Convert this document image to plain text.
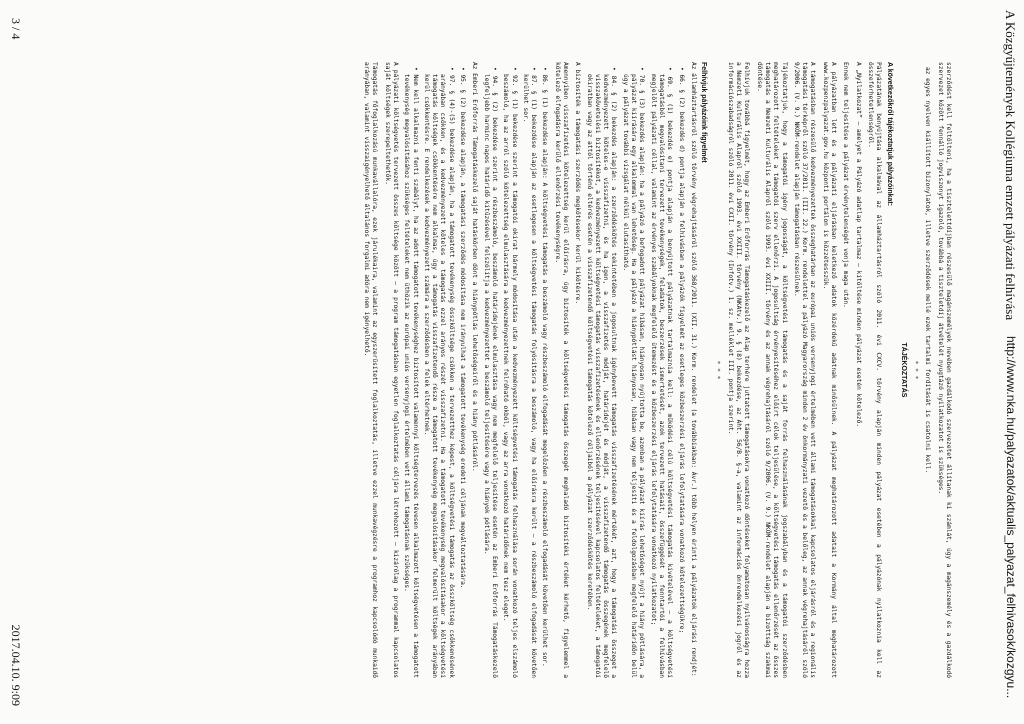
A Közgyűjtemények Kollégiuma emzett pályázati felhívása
http://www.nka.hu/palyazatok/aktualis_palyazat_felhivasok/kozgyu...

szerződést kell feltölteni, ha a tisztelettdíjban részesülő magánszemélyek nevében gazdálkodó szervezetet állítanak ki számlát, úgy a magánszemély és a gazdálkodó szervezet között fennálló jogviszonyt igazoló, továbbá a tiszteletdíj átvételét nyugtázó nyilatkozatot is szükséges.

az egyes nyelven kiállított bizonylatok, illetve szerződések mellé ezek tartalmi fordítását is csatolni kell.

* * *
TÁJÉKOZTATÁS
A következőkről tájékoztatjuk pályázóinkat:

Pályázatának benyújtása alkalmával az államháztartásról szóló 2011. évi CXCV. törvény alapján minden pályázat esetében a pályázónak nyilatkoznia kell az összeférhetetlenségről.

A „Nyilatkozat” – amelyet a Pályázó adatlap tartalmaz – kitöltése minden pályázat esetén kötelező.

Ennek nem teljesítése a pályázat érvénytelenségét vonja maga után.

A pályázatban lett és a pályázati eljárásban keletkező adatok közérdekű adatnak minősülnek. A pályázat meghatározott adatait a Kormány által meghatározott www.kozpenzpalyazat.gov.hu központi portálon is közzétesszük.

A támogatásban részesülő kedvezményezettek összeghatárban az európai uniós versenyjogi értelmében vett állami támogatásokkal kapcsolatos eljárásról és a regionális támogatási térképről szóló 37/2011. (III. 22.) Korm. rendelettel a pályázó Magyarország minden 2 év önkormányzati vezető és a belőleg, az annak végrehajtásáról szóló 9/2006. (V. 9.) NKÖM-rendelet alapján támogatásban részesülnek.

Tájékoztatjuk, hogy a támogatói igény jogosságát, a költségvetési támogatás és a saját forrás felhasználásának jogszabályban és a támogatói szerződésben meghatározott feltételeket a támogatói szerv ellenőrzi. A jogosultság érvényesítéséhez előírt célok teljesülése, a költségvetési támogatás ellenőrzését az összes támogatás a Nemzeti Kulturális Alapról szóló 1993. évi XXIII. törvény és az annak végrehajtásáról szóló 9/2006. (V. 9.) NKÖM-rendelet alapján a bizottság szakmai döntése.

Felhívjuk továbbá figyelmét, hogy az Emberi Erőforrás Támogatáskezelő az Alap terhére juttatott támogatásokra vonatkozó döntéseket folyamatosan nyilvánosságra hozza a Nemzeti Kulturális Alapról szóló 1993. évi XXIII. törvény (NKAtv.) 9. § (8) bekezdése, az Áht. 56/B. §-a, valamint az információs önrendelkezési jogról és az információszabadságról szóló 2011. évi CXII. törvény (Infotv.) 1. sz. melléklet III. pontja szerint.

* * *
Felhívjuk pályázóink figyelmét

Az államháztartásról szóló törvény végrehajtásáról szóló 368/2011. (XII. 31.) Korm. rendelet (a továbbiakban: Ávr.) több helyen érinti a pályázatok eljárási rendjét:

• 66. § (2) bekezdés d) pontja alapján a felhívásban a pályázók figyelmét az esetleges közbeszerzési eljárás lefolytatására vonatkozó kötelezettségükre;

• 69. § (1) bekezdés e) pontja alapján a benyújtott pályázatnak tartalmaznia kell: a működési célú költségvetési támogatás kivételével – a költségvetési támogatásból megvalósítani tervezett tevékenységek, feladatok, beszerzések ismertetését, azok tervezett hatásait, összefüggését a fenntartói a felhívásban megjelölt pályázati céllal, valamint az érvényes szabályoknak megfelelő ütemezést és a közbeszerzési eljárás lefolytatására vonatkozó nyilatkozatot;

• 70. § (3) bekezdés alapján: ha a pályázó a befogadott pályázat hibásan, hiányosan nyújtotta be, azonban a pályázat kiírás lehetőséget nyújt a hiány pótlására, a pályázat kiírására egy alkalommal van lehetőség. Ha a pályázó a hiánypótlást hiányosan, hibásan vagy nem teljesíti és a feldolgozásban megfelelő határidőn belül úgy a pályázat további vizsgálat nélkül elutasítható.

• 84. § (2) bekezdés alapján: a szerződéskötés tekintetében a jogosultnak igénybevett támogatás visszafizetésének mértékét, azt, hogy a támogatási összeget a kedvezményezett köteles-e visszafizetni, és ha igen, a visszafizetés módját, határidejét és módját, a visszafizetendő támogatás összegének megfelelő visszakövetelési biztosítékot, a kedvezményezett költségvetési támogatás visszafizetésének és ellenőrzésének teljesítésével kapcsolatos feltételeket, a támogatói okiratban vagy az attól történő eltérés esetén a visszafizetendő költségvetési támogatás kötelező céljaiból a pályázat szerződéskötés keretében.

A biztosíték a támogatási szerződés megkötésekor kerül kikötésre.

Amennyiben visszafizetési kötelezettség kerül előírásra, úgy biztosíték a költségvetési támogatás összegét meghaladó biztosítéki értéket kérhető, figyelemmel a kötelező elfogadásra kerülő ellenőrzési tevékenységre.

• 86. § (1) bekezdése alapján: A költségvetési támogatás a beszámoló vagy részbeszámoló elfogadását megelőzően a részbeszámoló elfogadását követően kerülhet sor.

• 87. § (1) bekezdése alapján az esetlegesen a költségvetési támogatás folyósításra a beszámoló, vagy ha előírásra került – a részbeszámoló elfogadását követően kerülhet sor.

• 92. § (1) bekezdése szerint a támogatói okirat bármely módosítása után a kedvezményezett költségvetési támogatás felhasználása során vonatkozó teljes elszámoló beszámoló, ha az arról szóló kötelezettség elmulasztására a kedvezményezettnek felróható okból, vagy az arra vonatkozó határidőnek nem tesz eleget.

• 94. § (2) bekezdése szerint a részbeszámoló, beszámoló határidejének elmulasztása vagy nem megfelelő teljesítése esetén az Emberi Erőforrás Támogatáskezelő legfeljebb harminc napos határidő kitűzésével felszólítja a kedvezményezettet a beszámoló teljesítésére vagy a hiányok pótlására.

Az Emberi Erőforrás Támogatáskezelő saját hatáskörben dönt a hiánypótlás lehetőségeiről és a hiány pótlásáról.

• 95. § (2) bekezdése alapján, a támogatási szerződés módosítása nem irányulhat a támogatott tevékenység eredeti céljának megváltoztatására.

• 97. § (4)-(5) bekezdése alapján, ha a támogatott tevékenység összköltsége csökken a tervezetthez képest, a költségvetési támogatás az összköltség csökkenésének arányában csökken, és a kedvezményezett köteles a támogatás ezzel arányos részét visszafizetni. Ha a támogatott tevékenység megvalósításakor a költségvetési támogatás költségek csökkentésére nem alkalmas, úgy a támogatás visszafizetendő része a támogatott tevékenység megvalósításakor felmerült költségek arányában kerül csökkentésre. E rendelkezések a kedvezményezett számára a szerződésben a felek eltérhetnek.

• Nem kell alkalmazni a fenti szabályt, ha az adott támogatott tevékenységhez biztosított valamennyi költségtervezés tévesen alkalmazott költségvetésen a támogatott tevékenység megvalósításához szükséges feltételeket nem üthözik az európai uniós versenyjogi értelmében vett állami támogatásnak szükséges.

A pályázati költségvetés tervezett összes költsége között – a program támogatásban egyetlen foglalkoztatás céljára létrehozott – kizárólag a programmal kapcsolatos saját költségek szerepeltethetők.

Támogatás főfoglalkozású munkavállalóra, ezek járulékaira, valamint az egyszerűsített foglalkoztatás, illetve ezzel munkavégzésre a programhoz kapcsolódó munkaidő arányában, valamint visszaigényelhető általános forgalmi adóra nem igényelhető.

3 / 4
2017.04.10. 9:09
